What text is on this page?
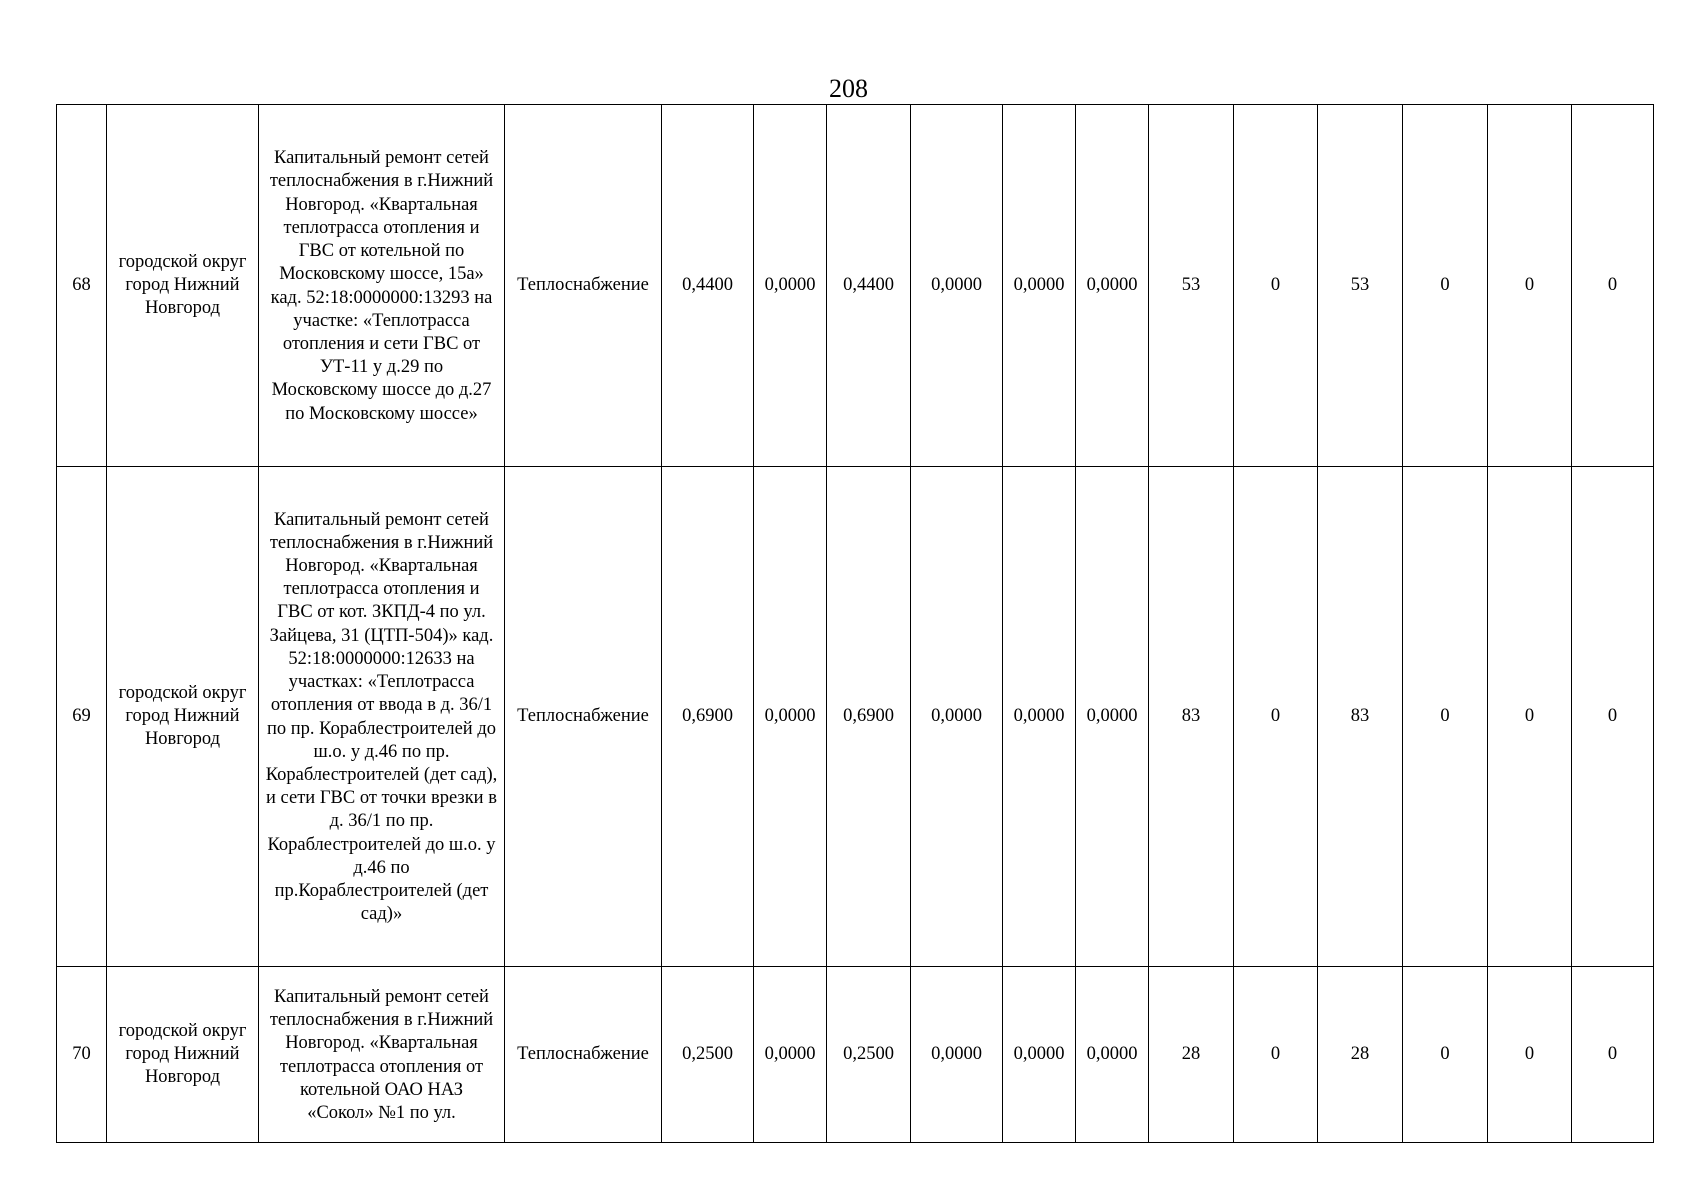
208
68	городской округ город Нижний Новгород	Капитальный ремонт сетей теплоснабжения в г.Нижний Новгород. «Квартальная теплотрасса отопления и ГВС от котельной по Московскому шоссе, 15а» кад. 52:18:0000000:13293 на участке: «Теплотрасса отопления и сети ГВС от УТ-11 у д.29 по Московскому шоссе до д.27 по Московскому шоссе»	Теплоснабжение	0,4400	0,0000	0,4400	0,0000	0,0000	0,0000	53	0	53	0	0	0
69	городской округ город Нижний Новгород	Капитальный ремонт сетей теплоснабжения в г.Нижний Новгород. «Квартальная теплотрасса отопления и ГВС от кот. ЗКПД-4 по ул. Зайцева, 31 (ЦТП-504)» кад. 52:18:0000000:12633 на участках: «Теплотрасса отопления от ввода в д. 36/1 по пр. Кораблестроителей до ш.о. у д.46 по пр. Кораблестроителей (дет сад), и сети ГВС от точки врезки в д. 36/1 по пр. Кораблестроителей до ш.о. у д.46 по пр.Кораблестроителей (дет сад)»	Теплоснабжение	0,6900	0,0000	0,6900	0,0000	0,0000	0,0000	83	0	83	0	0	0
70	городской округ город Нижний Новгород	Капитальный ремонт сетей теплоснабжения в г.Нижний Новгород. «Квартальная теплотрасса отопления от котельной ОАО НАЗ «Сокол» №1 по ул.	Теплоснабжение	0,2500	0,0000	0,2500	0,0000	0,0000	0,0000	28	0	28	0	0	0
